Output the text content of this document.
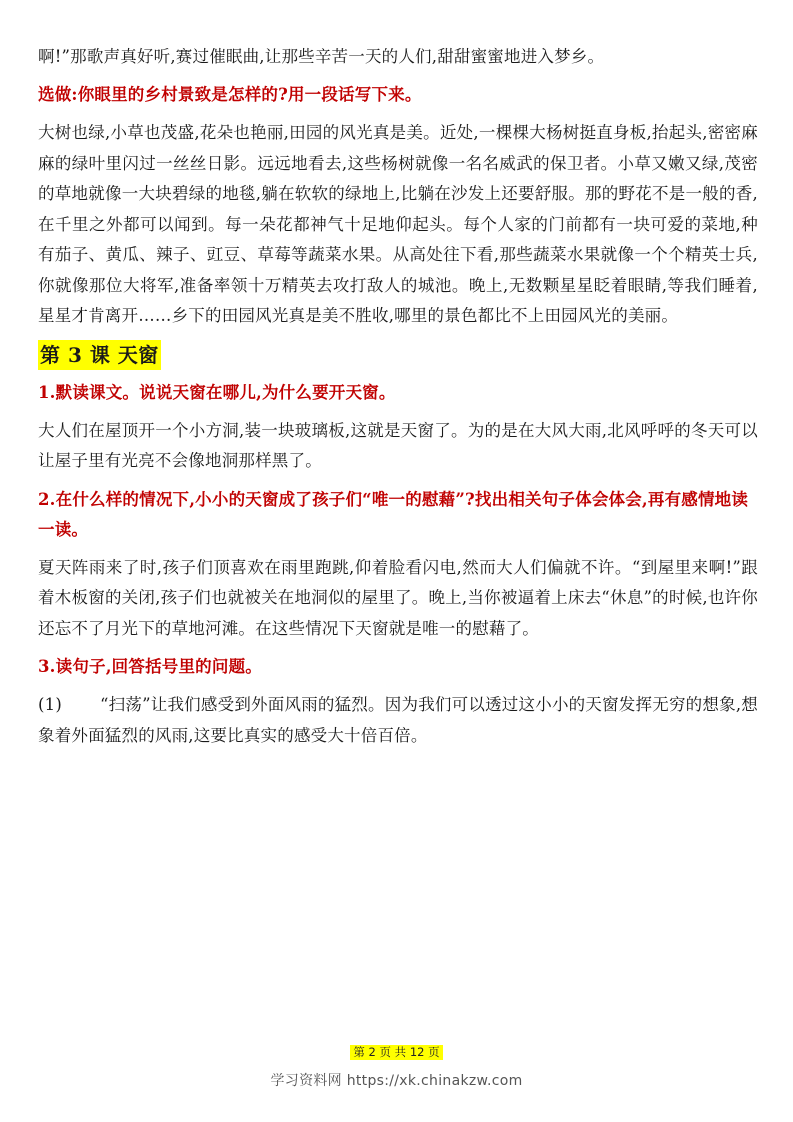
啊!”那歌声真好听,赛过催眠曲,让那些辛苦一天的人们,甜甜蜜蜜地进入梦乡。

选做:你眼里的乡村景致是怎样的?用一段话写下来。

大树也绿,小草也茂盛,花朵也艳丽,田园的风光真是美。近处,一棵棵大杨树挺直身板,抬起头,密密麻麻的绿叶里闪过一丝丝日影。远远地看去,这些杨树就像一名名威武的保卫者。小草又嫩又绿,茂密的草地就像一大块碧绿的地毯,躺在软软的绿地上,比躺在沙发上还要舒服。那的野花不是一般的香,在千里之外都可以闻到。每一朵花都神气十足地仰起头。每个人家的门前都有一块可爱的菜地,种有茄子、黄瓜、辣子、豇豆、草莓等蔬菜水果。从高处往下看,那些蔬菜水果就像一个个精英士兵,你就像那位大将军,准备率领十万精英去攻打敌人的城池。晚上,无数颗星星眨着眼睛,等我们睡着,星星才肯离开……乡下的田园风光真是美不胜收,哪里的景色都比不上田园风光的美丽。

第 3 课 天窗

1.默读课文。说说天窗在哪儿,为什么要开天窗。

大人们在屋顶开一个小方洞,装一块玻璃板,这就是天窗了。为的是在大风大雨,北风呼呼的冬天可以让屋子里有光亮不会像地洞那样黑了。

2.在什么样的情况下,小小的天窗成了孩子们“唯一的慰藉”?找出相关句子体会体会,再有感情地读一读。

夏天阵雨来了时,孩子们顶喜欢在雨里跑跳,仰着脸看闪电,然而大人们偏就不许。“到屋里来啊!”跟着木板窗的关闭,孩子们也就被关在地洞似的屋里了。晚上,当你被逼着上床去“休息”的时候,也许你还忘不了月光下的草地河滩。在这些情况下天窗就是唯一的慰藉了。

3.读句子,回答括号里的问题。

(1) “扫荡”让我们感受到外面风雨的猛烈。因为我们可以透过这小小的天窗发挥无穷的想象,想象着外面猛烈的风雨,这要比真实的感受大十倍百倍。

第 2 页 共 12 页
学习资料网 https://xk.chinakzw.com
